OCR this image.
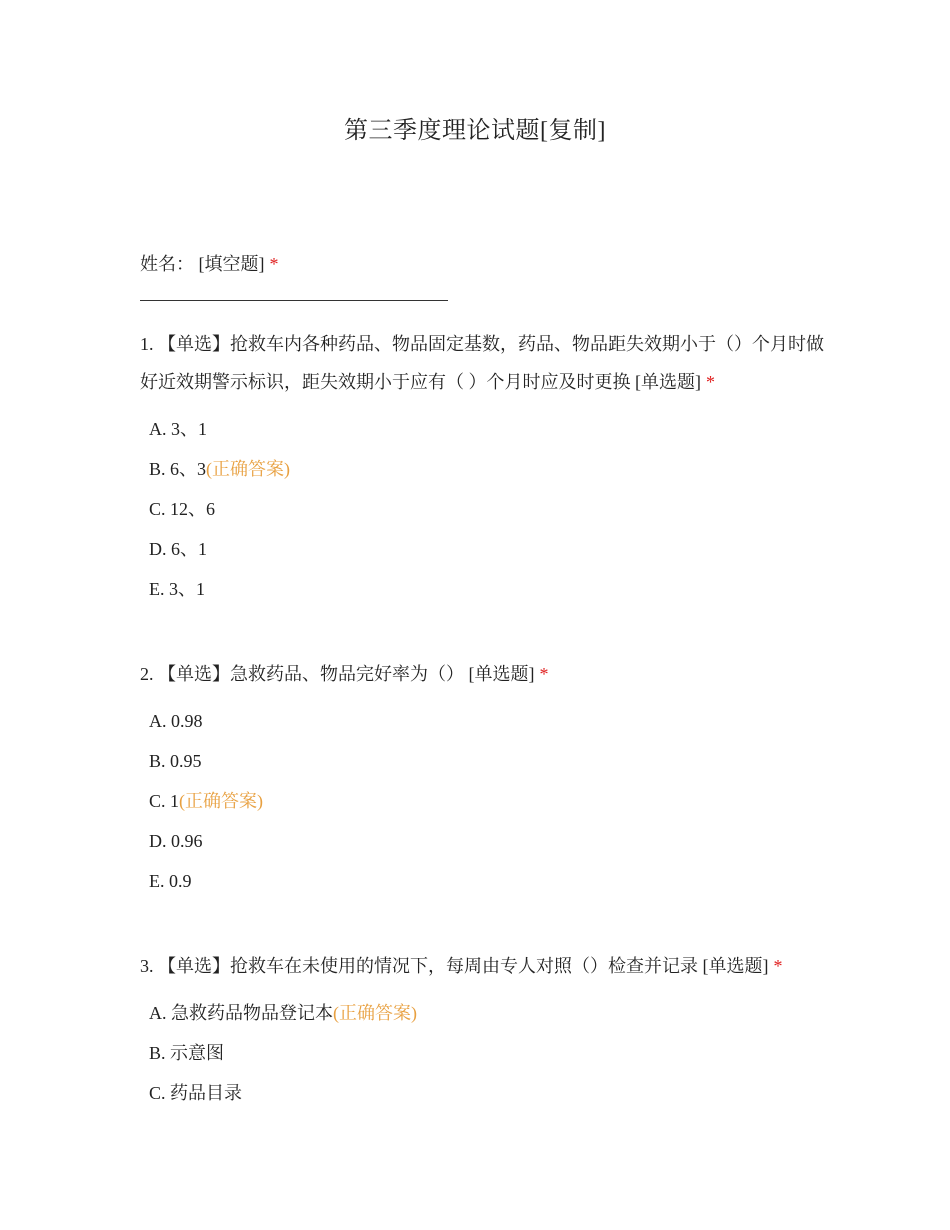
第三季度理论试题[复制]
姓名： [填空题] *

1. 【单选】抢救车内各种药品、物品固定基数，药品、物品距失效期小于（）个月时做好近效期警示标识，距失效期小于应有（ ）个月时应及时更换 [单选题] *

A. 3、1
B. 6、3(正确答案)
C. 12、6
D. 6、1
E. 3、1

2. 【单选】急救药品、物品完好率为（） [单选题] *

A. 0.98
B. 0.95
C. 1(正确答案)
D. 0.96
E. 0.9

3. 【单选】抢救车在未使用的情况下，每周由专人对照（）检查并记录 [单选题] *

A. 急救药品物品登记本(正确答案)
B. 示意图
C. 药品目录
